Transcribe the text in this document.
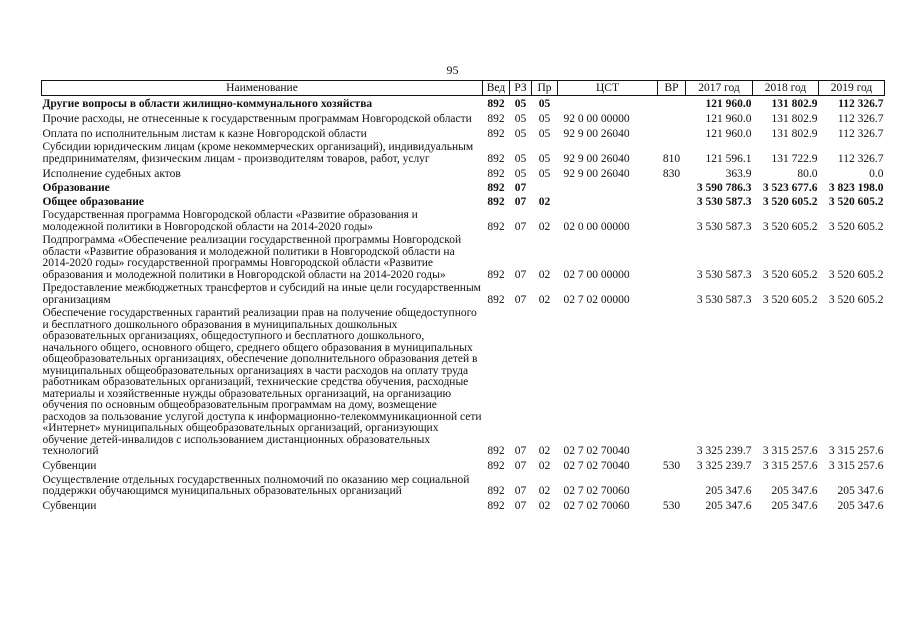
95
Наименование	Вед	РЗ	Пр	ЦСТ	ВР	2017 год	2018 год	2019 год

Другие вопросы в области жилищно-коммунального хозяйства	892	05	05			121 960.0	131 802.9	112 326.7

Прочие расходы, не отнесенные к государственным программам Новгородской области	892	05	05	92 0 00 00000		121 960.0	131 802.9	112 326.7

Оплата по исполнительным листам к казне Новгородской области	892	05	05	92 9 00 26040		121 960.0	131 802.9	112 326.7

Субсидии юридическим лицам (кроме некоммерческих организаций), индивидуальным предпринимателям, физическим лицам - производителям товаров, работ, услуг	892	05	05	92 9 00 26040	810	121 596.1	131 722.9	112 326.7

Исполнение судебных актов	892	05	05	92 9 00 26040	830	363.9	80.0	0.0

Образование	892	07				3 590 786.3	3 523 677.6	3 823 198.0

Общее образование	892	07	02			3 530 587.3	3 520 605.2	3 520 605.2

Государственная программа Новгородской области «Развитие образования и молодежной политики в Новгородской области на 2014-2020 годы»	892	07	02	02 0 00 00000		3 530 587.3	3 520 605.2	3 520 605.2

Подпрограмма «Обеспечение реализации государственной программы Новгородской области «Развитие образования и молодежной политики в Новгородской области на 2014-2020 годы» государственной программы Новгородской области «Развитие образования и молодежной политики в Новгородской области на 2014-2020 годы»	892	07	02	02 7 00 00000		3 530 587.3	3 520 605.2	3 520 605.2

Предоставление межбюджетных трансфертов и субсидий на иные цели государственным организациям	892	07	02	02 7 02 00000		3 530 587.3	3 520 605.2	3 520 605.2

Обеспечение государственных гарантий реализации прав на получение общедоступного и бесплатного дошкольного образования в муниципальных дошкольных образовательных организациях, общедоступного и бесплатного дошкольного, начального общего, основного общего, среднего общего образования в муниципальных общеобразовательных организациях, обеспечение дополнительного образования детей в муниципальных общеобразовательных организациях в части расходов на оплату труда работникам образовательных организаций, технические средства обучения, расходные материалы и хозяйственные нужды образовательных организаций, на организацию обучения по основным общеобразовательным программам на дому, возмещение расходов за пользование услугой доступа к информационно-телекоммуникационной сети «Интернет» муниципальных общеобразовательных организаций, организующих обучение детей-инвалидов с использованием дистанционных образовательных технологий	892	07	02	02 7 02 70040		3 325 239.7	3 315 257.6	3 315 257.6

Субвенции	892	07	02	02 7 02 70040	530	3 325 239.7	3 315 257.6	3 315 257.6

Осуществление отдельных государственных полномочий по оказанию мер социальной поддержки обучающимся муниципальных образовательных организаций	892	07	02	02 7 02 70060		205 347.6	205 347.6	205 347.6

Субвенции	892	07	02	02 7 02 70060	530	205 347.6	205 347.6	205 347.6
